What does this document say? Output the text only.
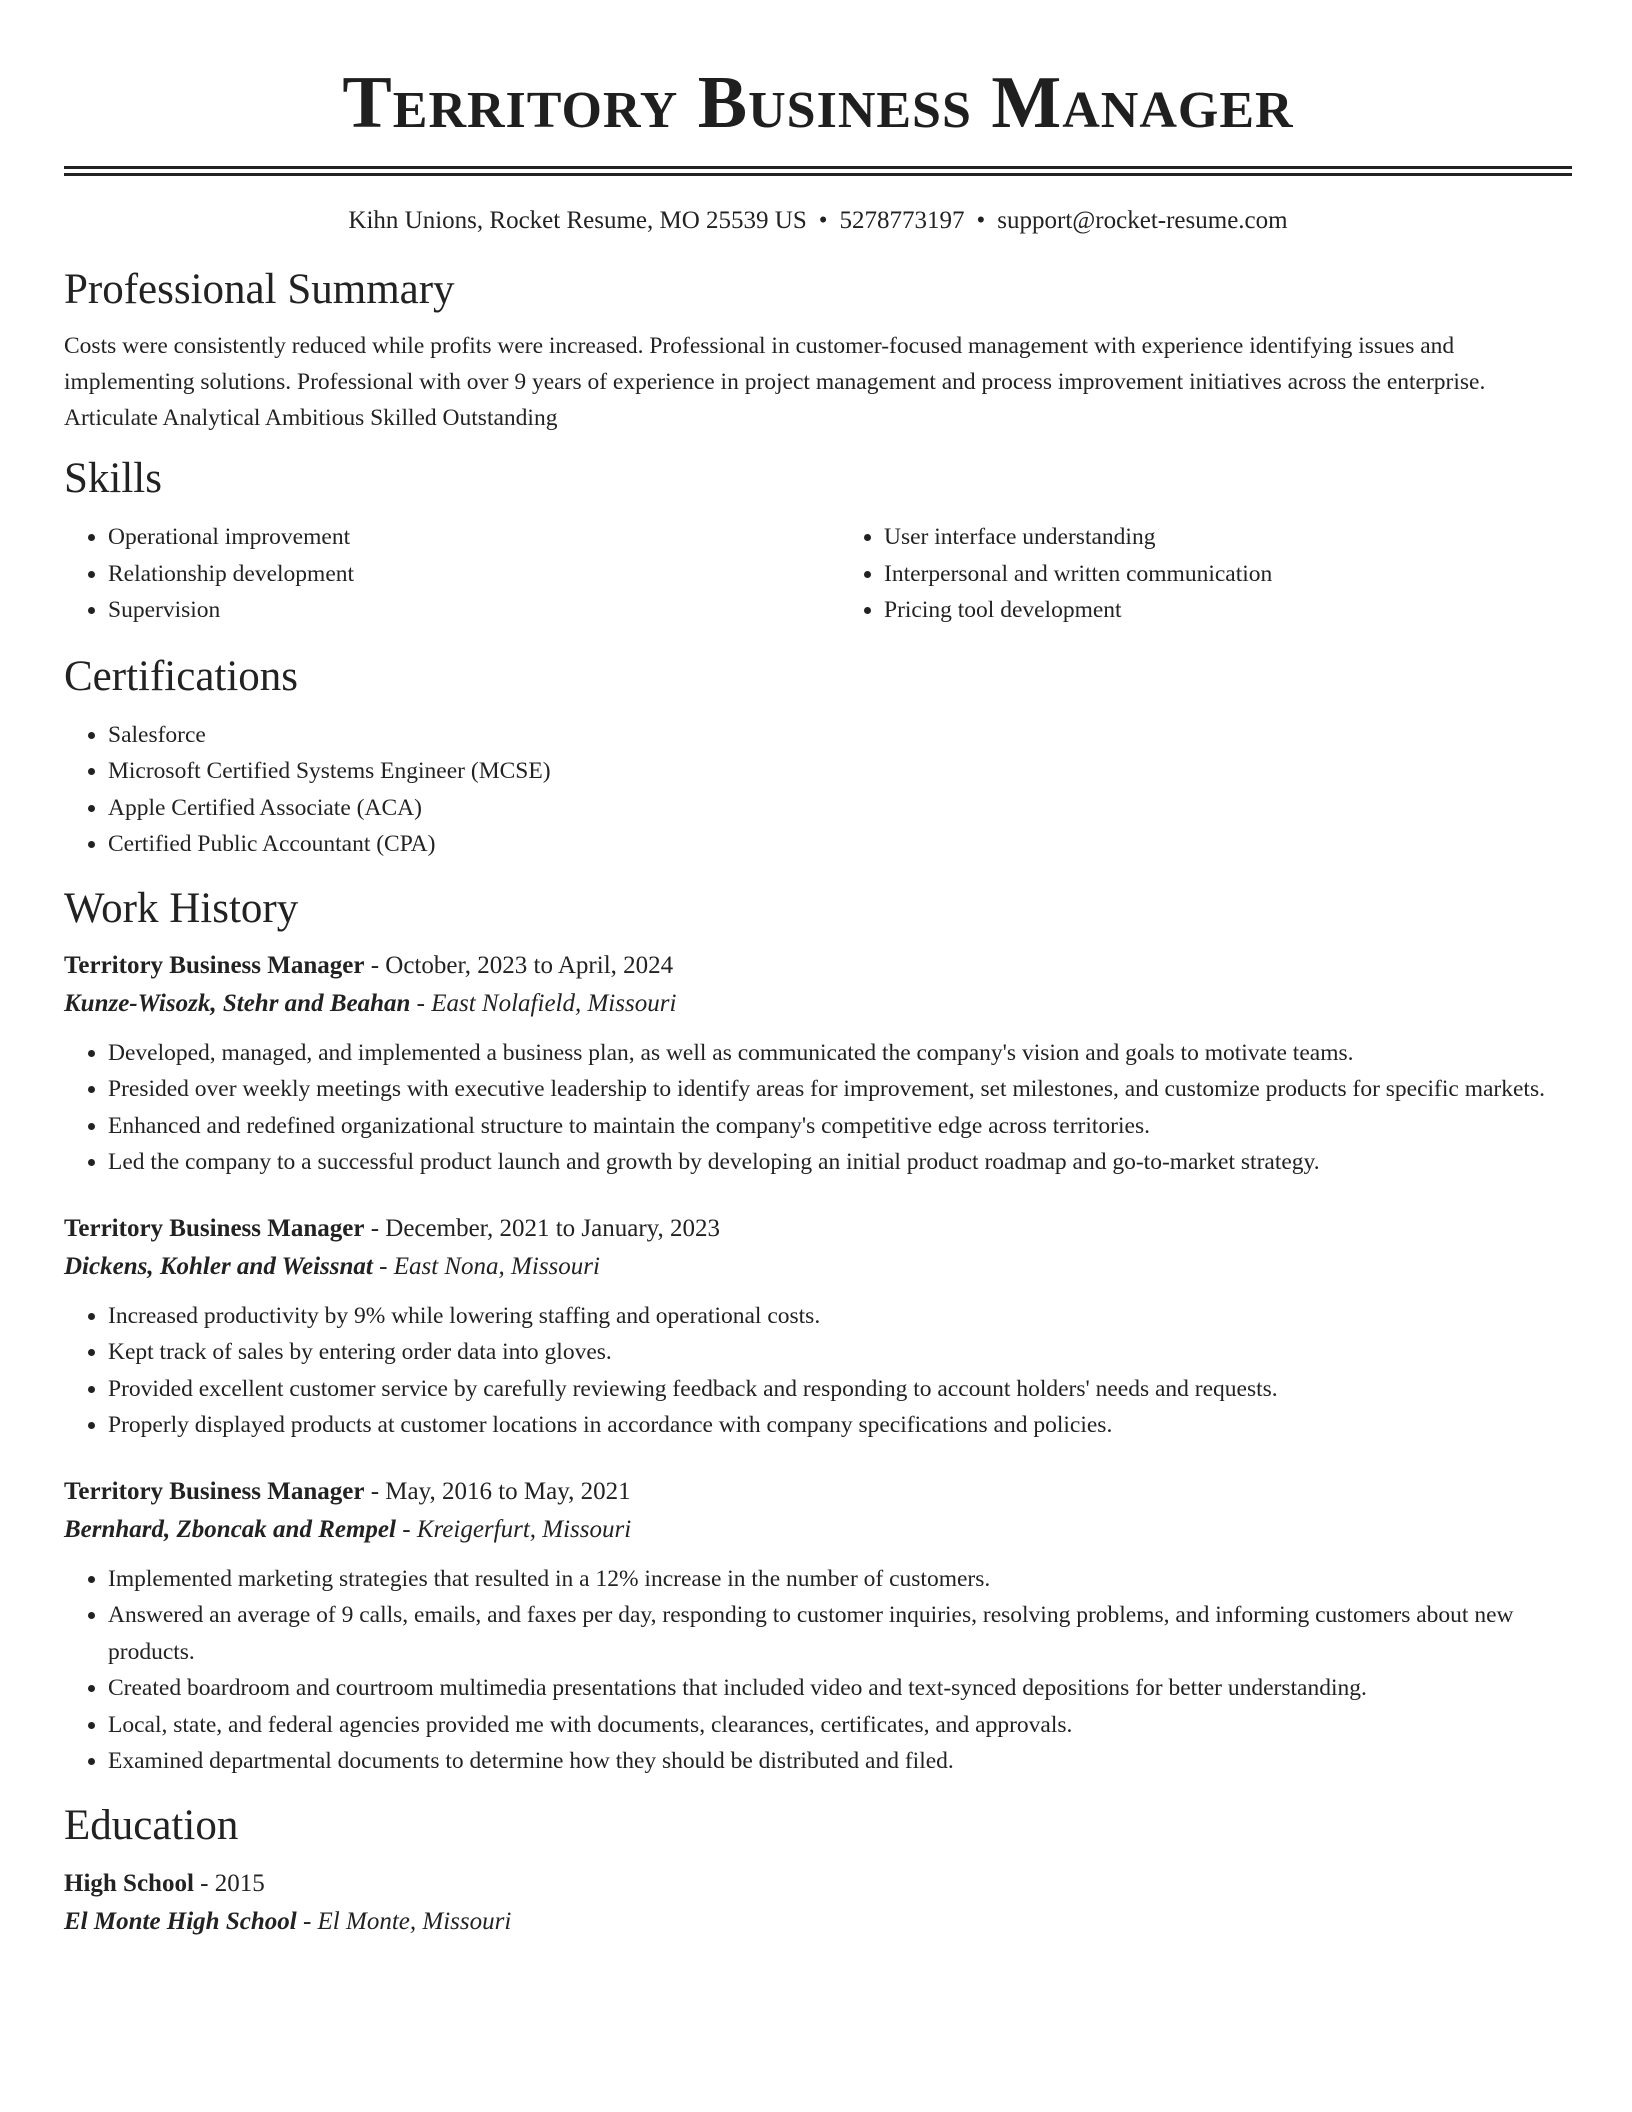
Territory Business Manager
Kihn Unions, Rocket Resume, MO 25539 US • 5278773197 • support@rocket-resume.com
Professional Summary

Costs were consistently reduced while profits were increased. Professional in customer-focused management with experience identifying issues and implementing solutions. Professional with over 9 years of experience in project management and process improvement initiatives across the enterprise. Articulate Analytical Ambitious Skilled Outstanding

Skills
• Operational improvement
• Relationship development
• Supervision
• User interface understanding
• Interpersonal and written communication
• Pricing tool development
Certifications
• Salesforce
• Microsoft Certified Systems Engineer (MCSE)
• Apple Certified Associate (ACA)
• Certified Public Accountant (CPA)
Work History

Territory Business Manager - October, 2023 to April, 2024

Kunze-Wisozk, Stehr and Beahan - East Nolafield, Missouri

• Developed, managed, and implemented a business plan, as well as communicated the company's vision and goals to motivate teams.
• Presided over weekly meetings with executive leadership to identify areas for improvement, set milestones, and customize products for specific markets.
• Enhanced and redefined organizational structure to maintain the company's competitive edge across territories.
• Led the company to a successful product launch and growth by developing an initial product roadmap and go-to-market strategy.

Territory Business Manager - December, 2021 to January, 2023

Dickens, Kohler and Weissnat - East Nona, Missouri

• Increased productivity by 9% while lowering staffing and operational costs.
• Kept track of sales by entering order data into gloves.
• Provided excellent customer service by carefully reviewing feedback and responding to account holders' needs and requests.
• Properly displayed products at customer locations in accordance with company specifications and policies.

Territory Business Manager - May, 2016 to May, 2021

Bernhard, Zboncak and Rempel - Kreigerfurt, Missouri

• Implemented marketing strategies that resulted in a 12% increase in the number of customers.
• Answered an average of 9 calls, emails, and faxes per day, responding to customer inquiries, resolving problems, and informing customers about new products.
• Created boardroom and courtroom multimedia presentations that included video and text-synced depositions for better understanding.
• Local, state, and federal agencies provided me with documents, clearances, certificates, and approvals.
• Examined departmental documents to determine how they should be distributed and filed.
Education

High School - 2015

El Monte High School - El Monte, Missouri
